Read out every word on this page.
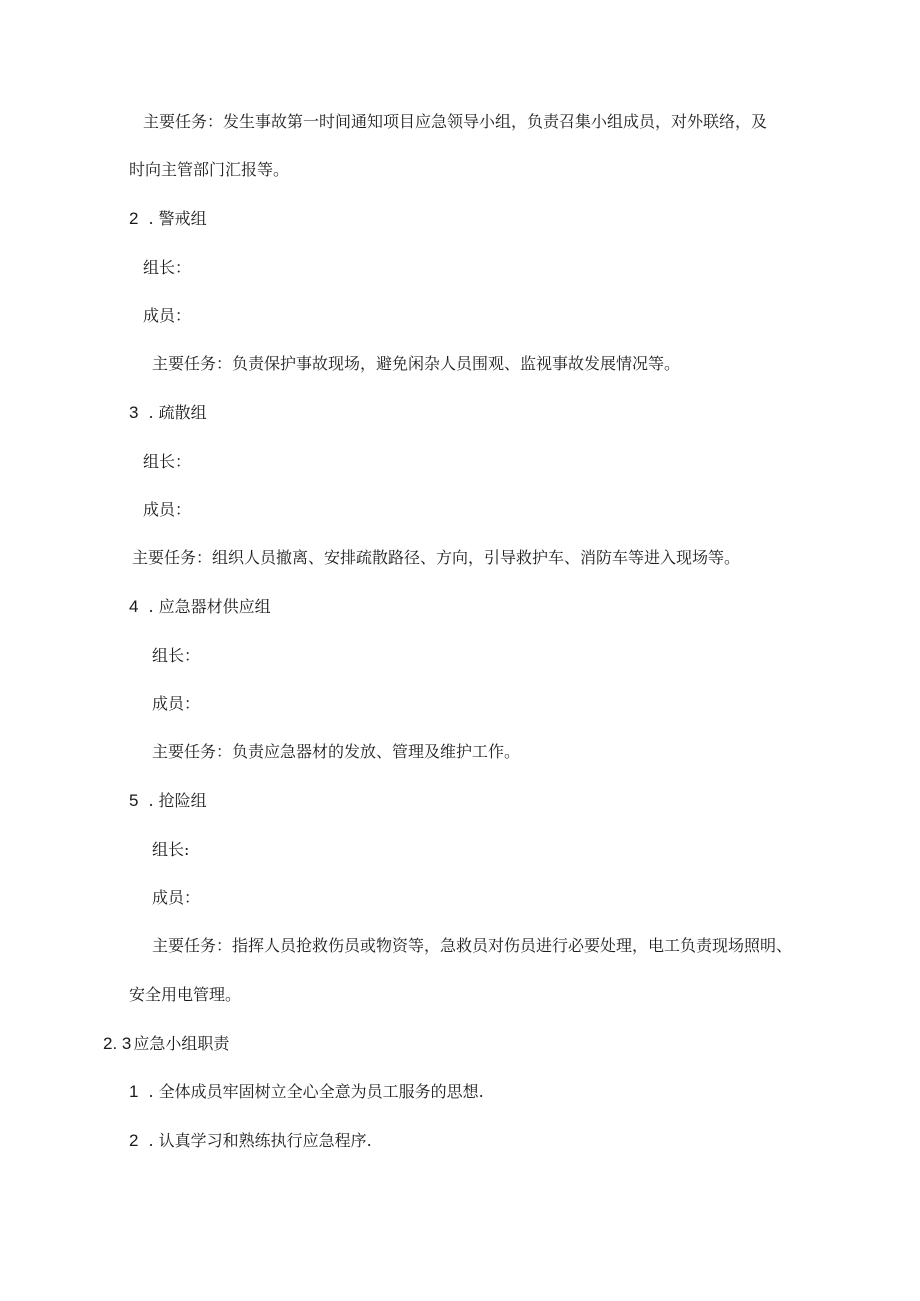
主要任务：发生事故第一时间通知项目应急领导小组，负责召集小组成员，对外联络，及
时向主管部门汇报等。
2 . 警戒组
组长：
成员：
主要任务：负责保护事故现场，避免闲杂人员围观、监视事故发展情况等。
3 . 疏散组
组长：
成员：
主要任务：组织人员撤离、安排疏散路径、方向，引导救护车、消防车等进入现场等。
4 . 应急器材供应组
组长：
成员：
主要任务：负责应急器材的发放、管理及维护工作。
5 . 抢险组
组长:
成员：
主要任务：指挥人员抢救伤员或物资等，急救员对伤员进行必要处理，电工负责现场照明、
安全用电管理。
2. 3 应急小组职责
1 . 全体成员牢固树立全心全意为员工服务的思想.
2 . 认真学习和熟练执行应急程序.
